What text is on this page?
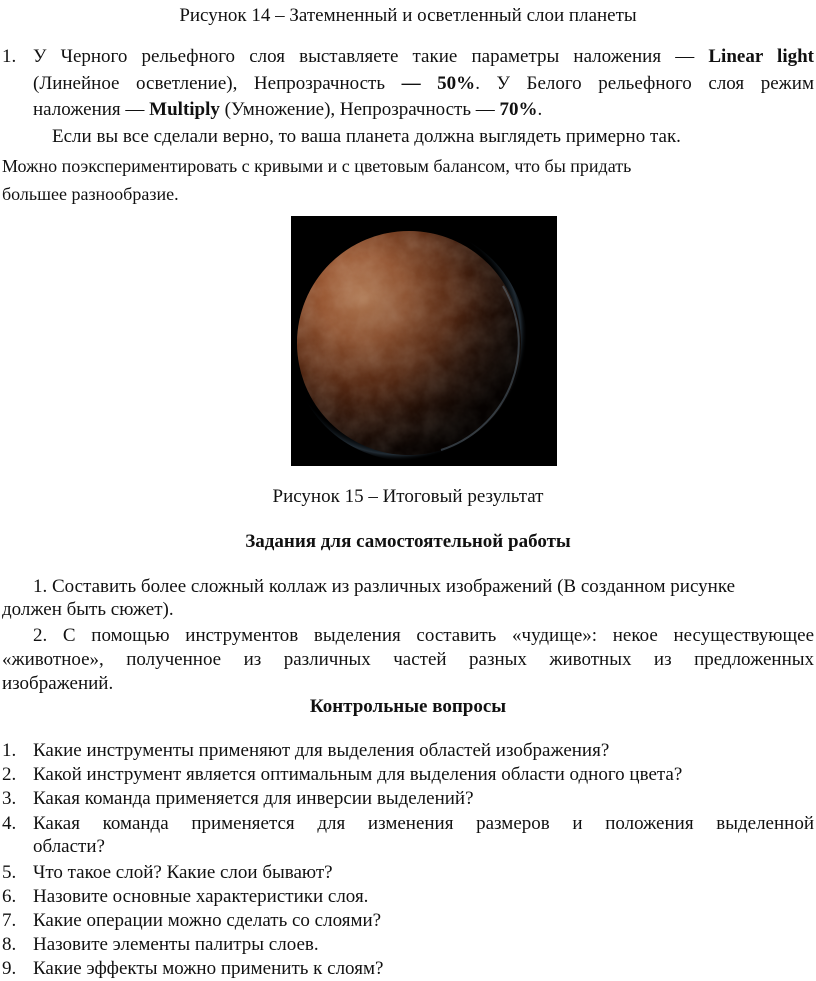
Рисунок 14 – Затемненный и осветленный слои планеты
1. У Черного рельефного слоя выставляете такие параметры наложения — Linear light
(Линейное осветление), Непрозрачность — 50%. У Белого рельефного слоя режим
наложения — Multiply (Умножение), Непрозрачность — 70%.
Если вы все сделали верно, то ваша планета должна выглядеть примерно так.
Можно поэкспериментировать с кривыми и с цветовым балансом, что бы придать
большее разнообразие.
Рисунок 15 – Итоговый результат
Задания для самостоятельной работы
1. Составить более сложный коллаж из различных изображений (В созданном рисунке
должен быть сюжет).
2. С помощью инструментов выделения составить «чудище»: некое несуществующее
«животное», полученное из различных частей разных животных из предложенных
изображений.
Контрольные вопросы
1. Какие инструменты применяют для выделения областей изображения?
2. Какой инструмент является оптимальным для выделения области одного цвета?
3. Какая команда применяется для инверсии выделений?
4. Какая команда применяется для изменения размеров и положения выделенной
области?
5. Что такое слой? Какие слои бывают?
6. Назовите основные характеристики слоя.
7. Какие операции можно сделать со слоями?
8. Назовите элементы палитры слоев.
9. Какие эффекты можно применить к слоям?
